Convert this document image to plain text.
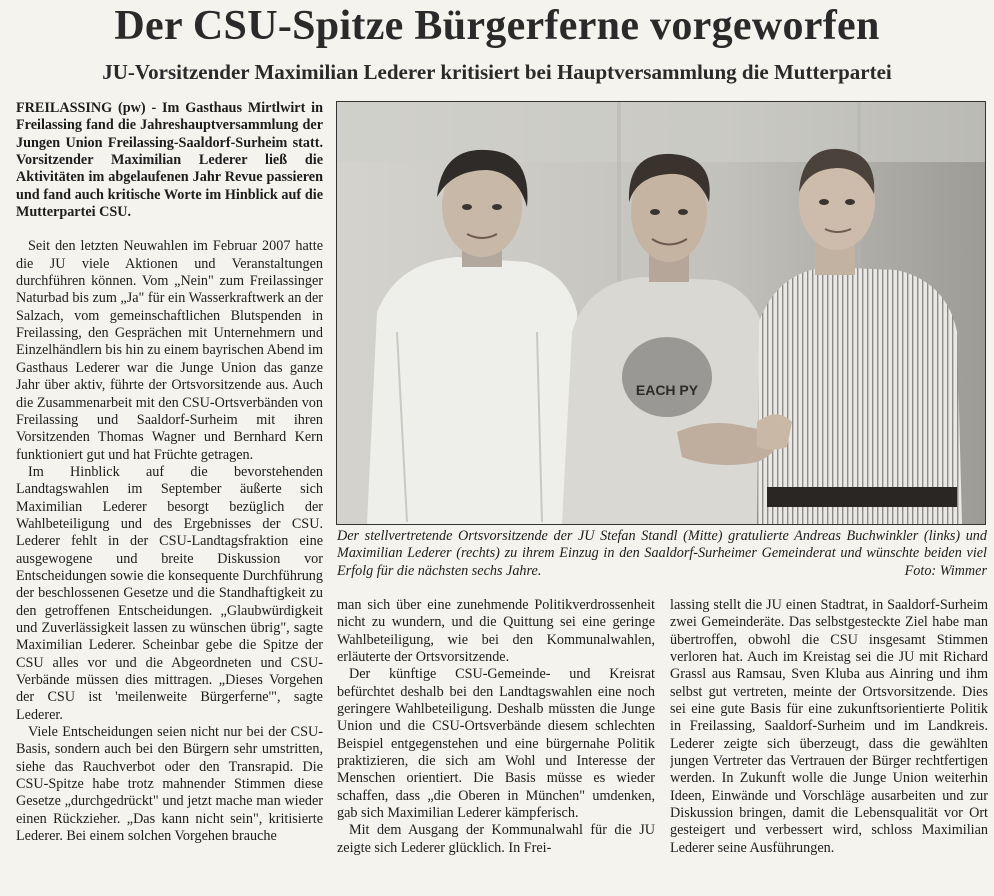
Der CSU-Spitze Bürgerferne vorgeworfen
JU-Vorsitzender Maximilian Lederer kritisiert bei Hauptversammlung die Mutterpartei

FREILASSING (pw) - Im Gasthaus Mirtlwirt in Freilassing fand die Jahreshauptversammlung der Jungen Union Freilassing-Saaldorf-Surheim statt. Vorsitzender Maximilian Lederer ließ die Aktivitäten im abgelaufenen Jahr Revue passieren und fand auch kritische Worte im Hinblick auf die Mutterpartei CSU.

Seit den letzten Neuwahlen im Februar 2007 hatte die JU viele Aktionen und Veranstaltungen durchführen können. Vom „Nein" zum Freilassinger Naturbad bis zum „Ja" für ein Wasserkraftwerk an der Salzach, vom gemeinschaftlichen Blutspenden in Freilassing, den Gesprächen mit Unternehmern und Einzelhändlern bis hin zu einem bayrischen Abend im Gasthaus Lederer war die Junge Union das ganze Jahr über aktiv, führte der Ortsvorsitzende aus. Auch die Zusammenarbeit mit den CSU-Ortsverbänden von Freilassing und Saaldorf-Surheim mit ihren Vorsitzenden Thomas Wagner und Bernhard Kern funktioniert gut und hat Früchte getragen.

Im Hinblick auf die bevorstehenden Landtagswahlen im September äußerte sich Maximilian Lederer besorgt bezüglich der Wahlbeteiligung und des Ergebnisses der CSU. Lederer fehlt in der CSU-Landtagsfraktion eine ausgewogene und breite Diskussion vor Entscheidungen sowie die konsequente Durchführung der beschlossenen Gesetze und die Standhaftigkeit zu den getroffenen Entscheidungen. „Glaubwürdigkeit und Zuverlässigkeit lassen zu wünschen übrig", sagte Maximilian Lederer. Scheinbar gebe die Spitze der CSU alles vor und die Abgeordneten und CSU-Verbände müssen dies mittragen. „Dieses Vorgehen der CSU ist 'meilenweite Bürgerferne'", sagte Lederer.

Viele Entscheidungen seien nicht nur bei der CSU-Basis, sondern auch bei den Bürgern sehr umstritten, siehe das Rauchverbot oder den Transrapid. Die CSU-Spitze habe trotz mahnender Stimmen diese Gesetze „durchgedrückt" und jetzt mache man wieder einen Rückzieher. „Das kann nicht sein", kritisierte Lederer. Bei einem solchen Vorgehen brauche

EACH PY
Der stellvertretende Ortsvorsitzende der JU Stefan Standl (Mitte) gratulierte Andreas Buchwinkler (links) und Maximilian Lederer (rechts) zu ihrem Einzug in den Saaldorf-Surheimer Gemeinderat und wünschte beiden viel Erfolg für die nächsten sechs Jahre.	Foto: Wimmer

man sich über eine zunehmende Politikverdrossenheit nicht zu wundern, und die Quittung sei eine geringe Wahlbeteiligung, wie bei den Kommunalwahlen, erläuterte der Ortsvorsitzende.

Der künftige CSU-Gemeinde- und Kreisrat befürchtet deshalb bei den Landtagswahlen eine noch geringere Wahlbeteiligung. Deshalb müssten die Junge Union und die CSU-Ortsverbände diesem schlechten Beispiel entgegenstehen und eine bürgernahe Politik praktizieren, die sich am Wohl und Interesse der Menschen orientiert. Die Basis müsse es wieder schaffen, dass „die Oberen in München" umdenken, gab sich Maximilian Lederer kämpferisch.

Mit dem Ausgang der Kommunalwahl für die JU zeigte sich Lederer glücklich. In Frei-

lassing stellt die JU einen Stadtrat, in Saaldorf-Surheim zwei Gemeinderäte. Das selbstgesteckte Ziel habe man übertroffen, obwohl die CSU insgesamt Stimmen verloren hat. Auch im Kreistag sei die JU mit Richard Grassl aus Ramsau, Sven Kluba aus Ainring und ihm selbst gut vertreten, meinte der Ortsvorsitzende. Dies sei eine gute Basis für eine zukunftsorientierte Politik in Freilassing, Saaldorf-Surheim und im Landkreis. Lederer zeigte sich überzeugt, dass die gewählten jungen Vertreter das Vertrauen der Bürger rechtfertigen werden. In Zukunft wolle die Junge Union weiterhin Ideen, Einwände und Vorschläge ausarbeiten und zur Diskussion bringen, damit die Lebensqualität vor Ort gesteigert und verbessert wird, schloss Maximilian Lederer seine Ausführungen.
